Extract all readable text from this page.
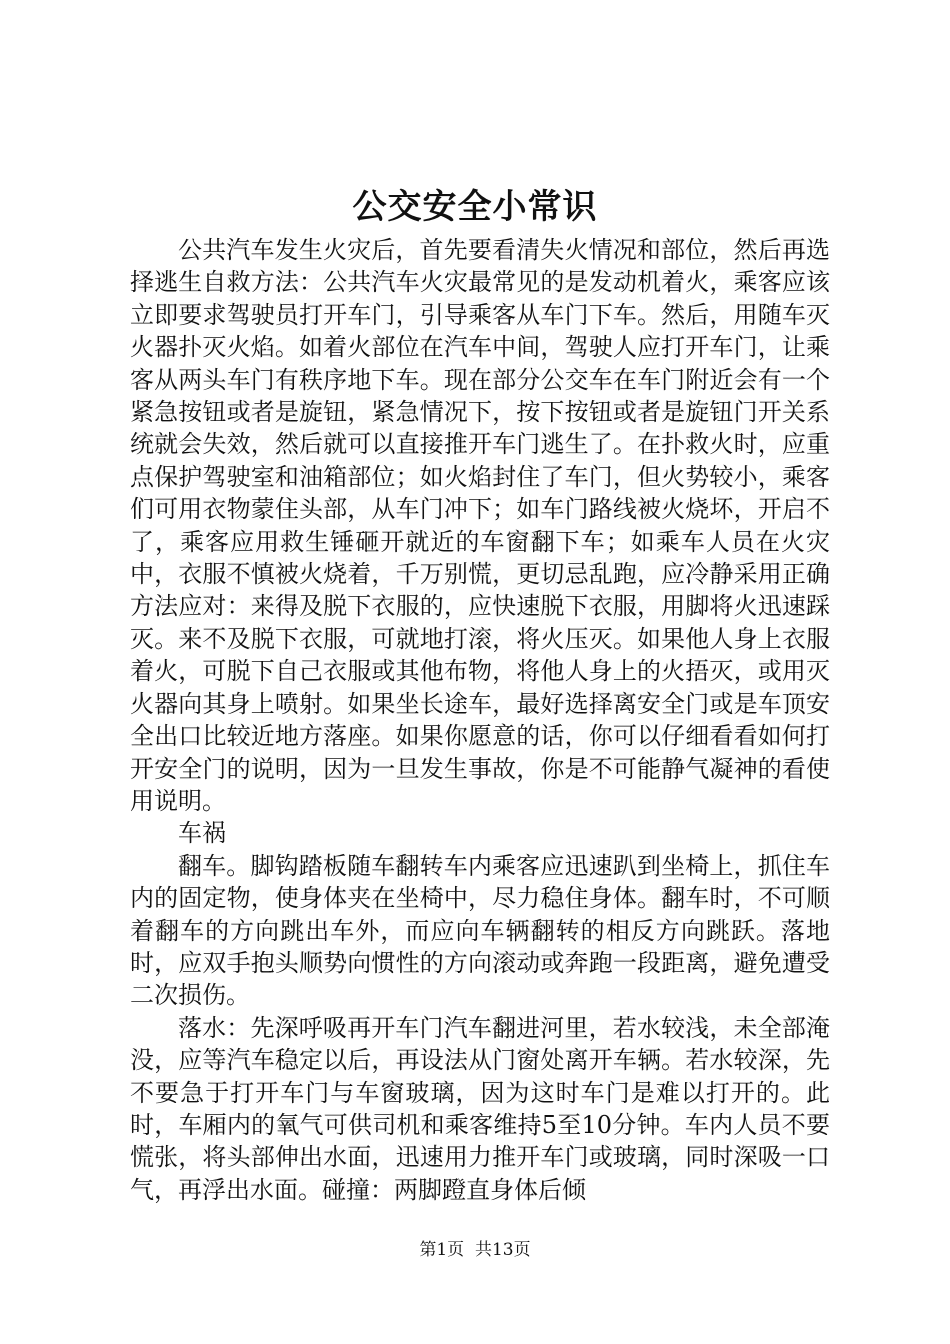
公交安全小常识

公共汽车发生火灾后，首先要看清失火情况和部位，然后再选择逃生自救方法：公共汽车火灾最常见的是发动机着火，乘客应该立即要求驾驶员打开车门，引导乘客从车门下车。然后，用随车灭火器扑灭火焰。如着火部位在汽车中间，驾驶人应打开车门，让乘客从两头车门有秩序地下车。现在部分公交车在车门附近会有一个紧急按钮或者是旋钮，紧急情况下，按下按钮或者是旋钮门开关系统就会失效，然后就可以直接推开车门逃生了。在扑救火时，应重点保护驾驶室和油箱部位；如火焰封住了车门，但火势较小，乘客们可用衣物蒙住头部，从车门冲下；如车门路线被火烧坏，开启不了，乘客应用救生锤砸开就近的车窗翻下车；如乘车人员在火灾中，衣服不慎被火烧着，千万别慌，更切忌乱跑，应冷静采用正确方法应对：来得及脱下衣服的，应快速脱下衣服，用脚将火迅速踩灭。来不及脱下衣服，可就地打滚，将火压灭。如果他人身上衣服着火，可脱下自己衣服或其他布物，将他人身上的火捂灭，或用灭火器向其身上喷射。如果坐长途车，最好选择离安全门或是车顶安全出口比较近地方落座。如果你愿意的话，你可以仔细看看如何打开安全门的说明，因为一旦发生事故，你是不可能静气凝神的看使用说明。

车祸

翻车。脚钩踏板随车翻转车内乘客应迅速趴到坐椅上，抓住车内的固定物，使身体夹在坐椅中，尽力稳住身体。翻车时，不可顺着翻车的方向跳出车外，而应向车辆翻转的相反方向跳跃。落地时，应双手抱头顺势向惯性的方向滚动或奔跑一段距离，避免遭受二次损伤。

落水：先深呼吸再开车门汽车翻进河里，若水较浅，未全部淹没，应等汽车稳定以后，再设法从门窗处离开车辆。若水较深，先不要急于打开车门与车窗玻璃，因为这时车门是难以打开的。此时，车厢内的氧气可供司机和乘客维持5至10分钟。车内人员不要慌张，将头部伸出水面，迅速用力推开车门或玻璃，同时深吸一口气，再浮出水面。碰撞：两脚蹬直身体后倾

第1页  共13页
